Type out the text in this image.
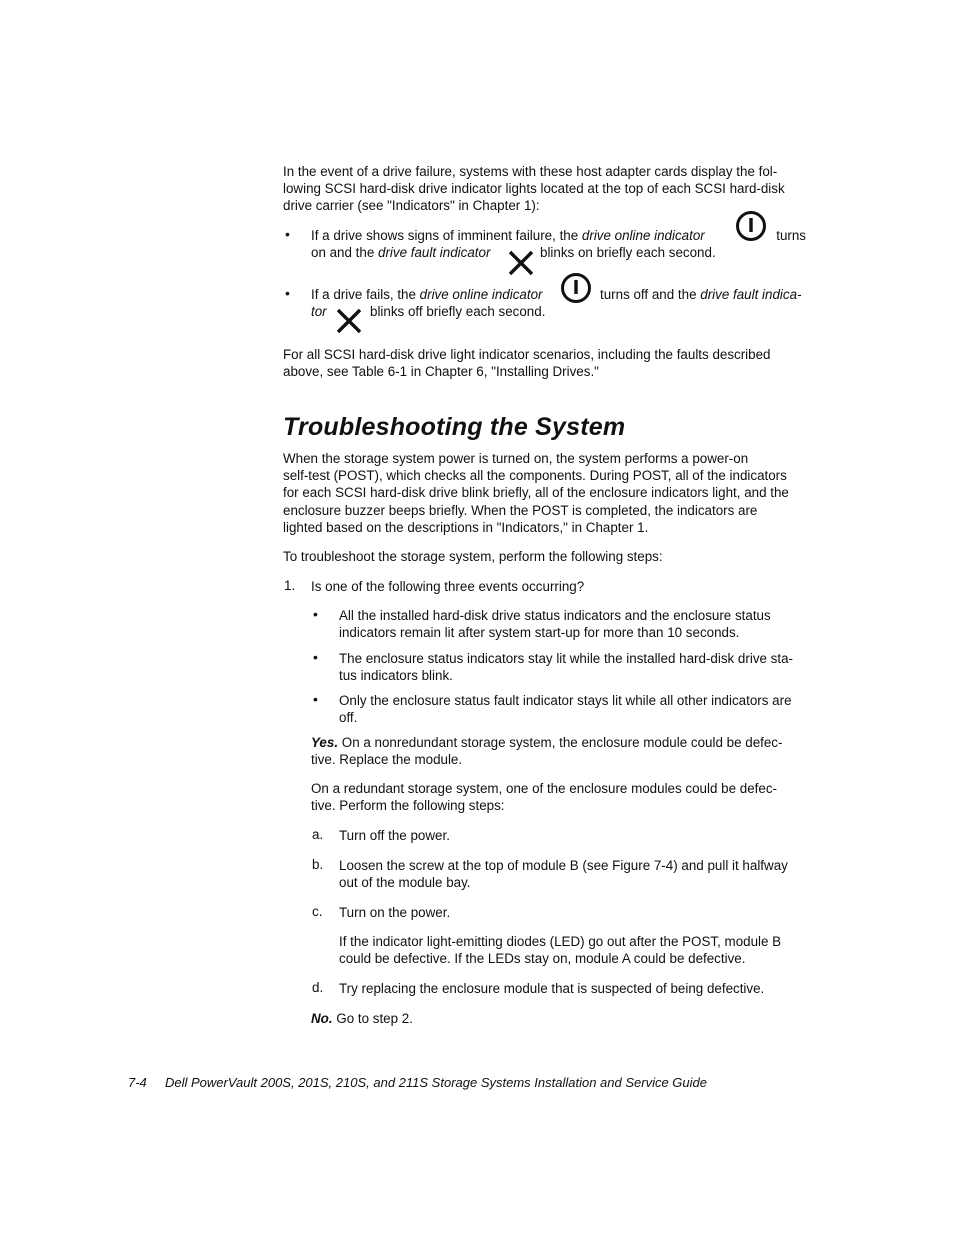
In the event of a drive failure, systems with these host adapter cards display the fol-
lowing SCSI hard-disk drive indicator lights located at the top of each SCSI hard-disk
drive carrier (see "Indicators" in Chapter 1):
• If a drive shows signs of imminent failure, the drive online indicator	turns
on and the drive fault indicator	blinks on briefly each second.
• If a drive fails, the drive online indicator	turns off and the drive fault indica-
tor	blinks off briefly each second.
For all SCSI hard-disk drive light indicator scenarios, including the faults described
above, see Table 6-1 in Chapter 6, "Installing Drives."
Troubleshooting the System
When the storage system power is turned on, the system performs a power-on
self-test (POST), which checks all the components. During POST, all of the indicators
for each SCSI hard-disk drive blink briefly, all of the enclosure indicators light, and the
enclosure buzzer beeps briefly. When the POST is completed, the indicators are
lighted based on the descriptions in "Indicators," in Chapter 1.
To troubleshoot the storage system, perform the following steps:
1. Is one of the following three events occurring?
• All the installed hard-disk drive status indicators and the enclosure status
indicators remain lit after system start-up for more than 10 seconds.
• The enclosure status indicators stay lit while the installed hard-disk drive sta-
tus indicators blink.
• Only the enclosure status fault indicator stays lit while all other indicators are
off.
Yes. On a nonredundant storage system, the enclosure module could be defec-
tive. Replace the module.
On a redundant storage system, one of the enclosure modules could be defec-
tive. Perform the following steps:
a. Turn off the power.
b. Loosen the screw at the top of module B (see Figure 7-4) and pull it halfway
out of the module bay.
c. Turn on the power.
If the indicator light-emitting diodes (LED) go out after the POST, module B
could be defective. If the LEDs stay on, module A could be defective.
d. Try replacing the enclosure module that is suspected of being defective.
No. Go to step 2.
7-4 Dell PowerVault 200S, 201S, 210S, and 211S Storage Systems Installation and Service Guide
